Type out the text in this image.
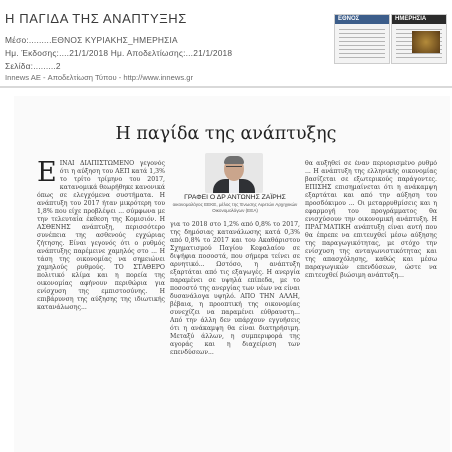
Η ΠΑΓΙΔΑ ΤΗΣ ΑΝΑΠΤΥΞΗΣ
Μέσο:.........ΕΘΝΟΣ ΚΥΡΙΑΚΗΣ_ΗΜΕΡΗΣΙΑ
Ημ. Έκδοσης:....21/1/2018 Ημ. Αποδελτίωσης:...21/1/2018
Σελίδα:.........2
Innews AE - Αποδελτίωση Τύπου - http://www.innews.gr
ΕΘΝΟΣ	ΗΜΕΡΗΣΙΑ
Η παγίδα της ανάπτυξης
ΓΡΑΦΕΙ Ο ΔΡ ΑΝΤΩΝΗΣ ΖΑΪΡΗΣ
οικονομολόγος ΕΕΚΕ, μέλος της Ένωσης Αιρετών Αρχηγικών Οικονομολόγων (ΕΕΑ)
Ε ΙΝΑΙ ΔΙΑΠΙΣΤΩΜΕΝΟ γεγονός ότι η αύξηση του ΑΕΠ κατά 1,3% το τρίτο τρίμηνο του 2017, κατανομικά θεωρήθηκε κανονικά όπως σε ελεγχόμενα συστήματα. Η ανάπτυξη του 2017 ήταν μικρότερη του 1,8% που είχε προβλέψει ... σύμφωνα με την τελευταία έκθεση της Κομισιόν. Η ΑΣΘΕΝΗΣ ανάπτυξη, περισσότερο συνέπεια της ασθενούς εγχώριας ζήτησης. Είναι γεγονός ότι ο ρυθμός ανάπτυξης παρέμεινε χαμηλός στο ... Η τάση της οικονομίας να σημειώνει χαμηλούς ρυθμούς. ΤΟ ΣΤΑΘΕΡΟ πολιτικό κλίμα και η πορεία της οικονομίας αφήνουν περιθώρια για ενίσχυση της εμπιστοσύνης. Η επιβάρυνση της αύξησης της ιδιωτικής κατανάλωσης...
για το 2018 στο 1,2% από 0,8% το 2017, της δημόσιας κατανάλωσης κατά 0,3% από 0,8% το 2017 και του Ακαθάριστου Σχηματισμού Παγίου Κεφαλαίου σε διψήφια ποσοστά, που σήμερα τείνει σε αρνητικό... Ωστόσο, η ανάπτυξη εξαρτάται από τις εξαγωγές. Η ανεργία παραμένει σε υψηλά επίπεδα, με το ποσοστό της ανεργίας των νέων να είναι δυσανάλογα υψηλό. ΑΠΟ ΤΗΝ ΑΛΛΗ, βέβαια, η προοπτική της οικονομίας συνεχίζει να παραμένει εύθραυστη... Από την άλλη δεν υπάρχουν εγγυήσεις ότι η ανάκαμψη θα είναι διατηρήσιμη. Μεταξύ άλλων, η συμπεριφορά της αγοράς και η διαχείριση των επενδύσεων...
θα αυξηθεί σε έναν περιορισμένο ρυθμό ... Η ανάπτυξη της ελληνικής οικονομίας βασίζεται σε εξωτερικούς παράγοντες. ΕΠΙΣΗΣ επισημαίνεται ότι η ανάκαμψη εξαρτάται και από την αύξηση του προσδόκιμου ... Οι μεταρρυθμίσεις και η εφαρμογή του προγράμματος θα ενισχύσουν την οικονομική ανάπτυξη. Η ΠΡΑΓΜΑΤΙΚΗ ανάπτυξη είναι αυτή που θα έπρεπε να επιτευχθεί μέσω αύξησης της παραγωγικότητας, με στόχο την ενίσχυση της ανταγωνιστικότητας και της απασχόλησης, καθώς και μέσω παραγωγικών επενδύσεων, ώστε να επιτευχθεί βιώσιμη ανάπτυξη...
